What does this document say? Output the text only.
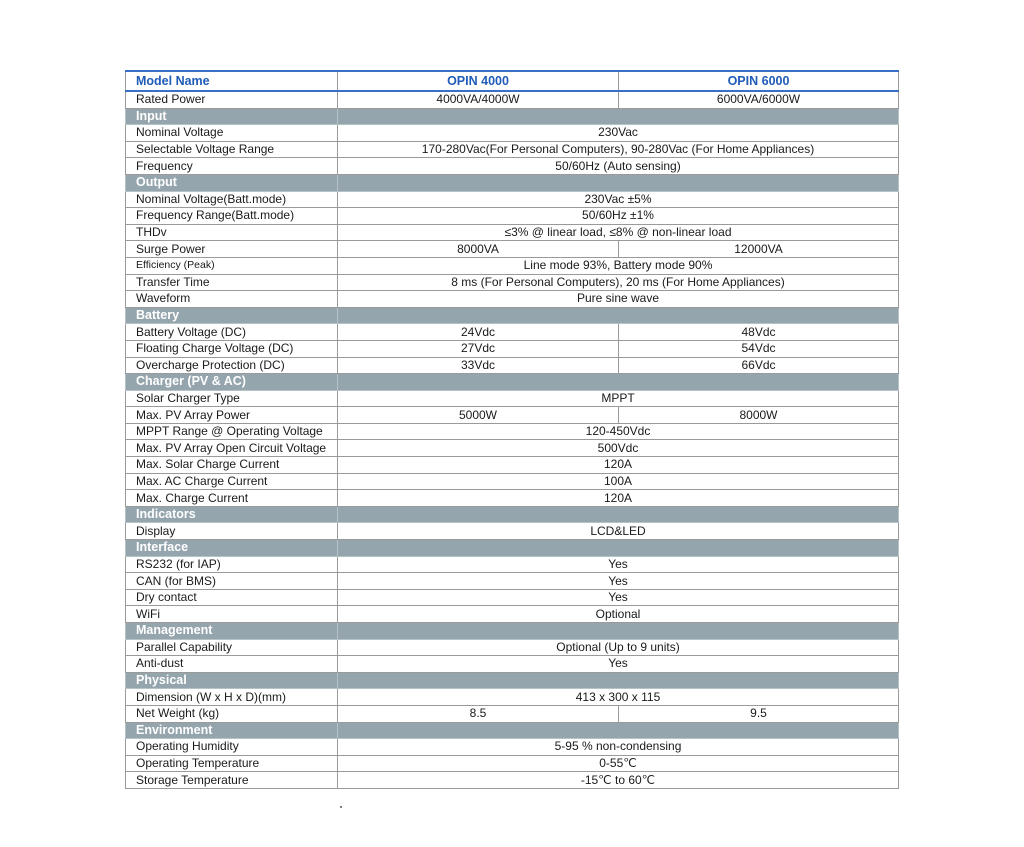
Model Name	OPIN 4000	OPIN 6000
Rated Power	4000VA/4000W	6000VA/6000W
Input		
Nominal Voltage	230Vac	
Selectable Voltage Range	170-280Vac(For Personal Computers), 90-280Vac (For Home Appliances)	
Frequency	50/60Hz (Auto sensing)	
Output		
Nominal Voltage(Batt.mode)	230Vac ±5%	
Frequency Range(Batt.mode)	50/60Hz ±1%	
THDv	≤3% @ linear load, ≤8% @ non-linear load	
Surge Power	8000VA	12000VA
Efficiency (Peak)	Line mode 93%, Battery mode 90%	
Transfer Time	8 ms (For Personal Computers), 20 ms (For Home Appliances)	
Waveform	Pure sine wave	
Battery		
Battery Voltage (DC)	24Vdc	48Vdc
Floating Charge Voltage (DC)	27Vdc	54Vdc
Overcharge Protection (DC)	33Vdc	66Vdc
Charger (PV & AC)		
Solar Charger Type	MPPT	
Max. PV Array Power	5000W	8000W
MPPT Range @ Operating Voltage	120-450Vdc	
Max. PV Array Open Circuit Voltage	500Vdc	
Max. Solar Charge Current	120A	
Max. AC Charge Current	100A	
Max. Charge Current	120A	
Indicators		
Display	LCD&LED	
Interface		
RS232 (for IAP)	Yes	
CAN (for BMS)	Yes	
Dry contact	Yes	
WiFi	Optional	
Management		
Parallel Capability	Optional (Up to 9 units)	
Anti-dust	Yes	
Physical		
Dimension (W x H x D)(mm)	413 x 300 x 115	
Net Weight (kg)	8.5	9.5
Environment		
Operating Humidity	5-95 % non-condensing	
Operating Temperature	0-55℃	
Storage Temperature	-15℃ to 60℃	
